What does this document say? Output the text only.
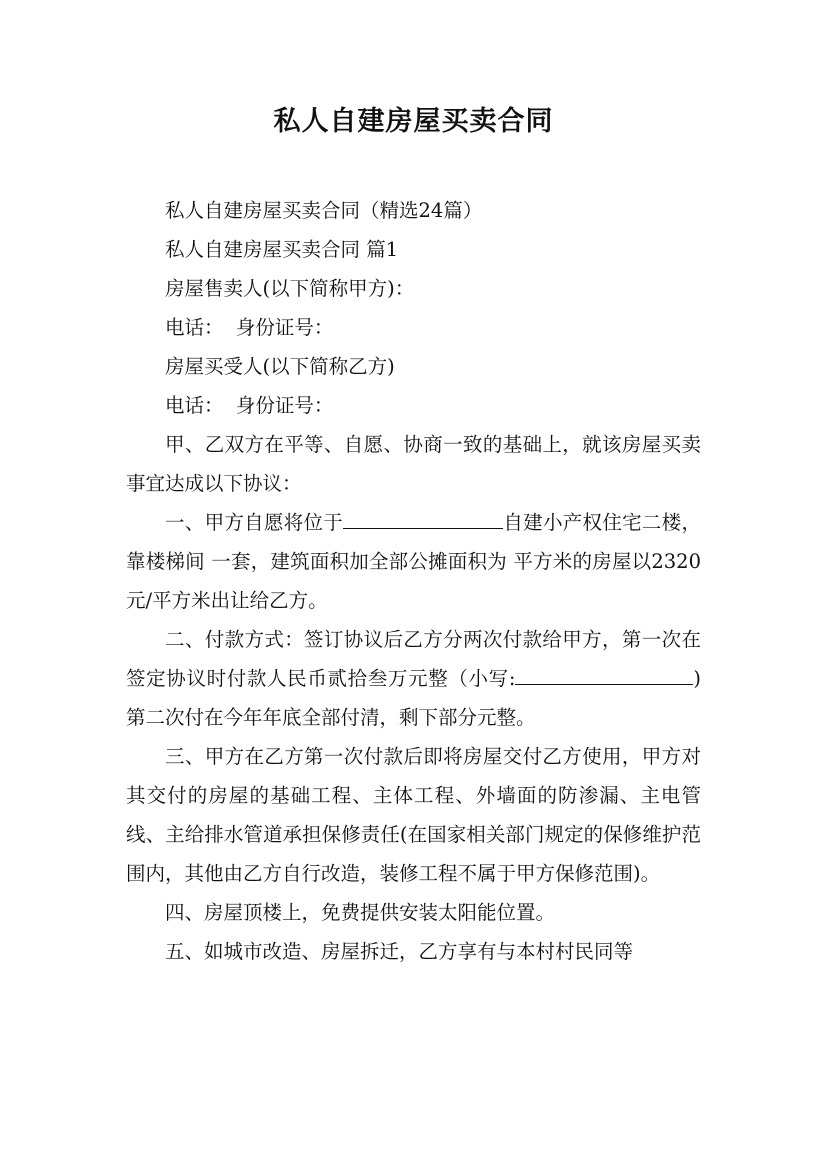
私人自建房屋买卖合同

私人自建房屋买卖合同（精选24篇）

私人自建房屋买卖合同 篇1

房屋售卖人(以下简称甲方)：

电话：  身份证号：

房屋买受人(以下简称乙方)

电话：  身份证号：

甲、乙双方在平等、自愿、协商一致的基础上，就该房屋买卖事宜达成以下协议：

一、甲方自愿将位于	自建小产权住宅二楼，靠楼梯间 一套，建筑面积加全部公摊面积为 平方米的房屋以2320元/平方米出让给乙方。

二、付款方式：签订协议后乙方分两次付款给甲方，第一次在签定协议时付款人民币贰拾叁万元整（小写:	)第二次付在今年年底全部付清，剩下部分元整。

三、甲方在乙方第一次付款后即将房屋交付乙方使用，甲方对其交付的房屋的基础工程、主体工程、外墙面的防渗漏、主电管线、主给排水管道承担保修责任(在国家相关部门规定的保修维护范围内，其他由乙方自行改造，装修工程不属于甲方保修范围)。

四、房屋顶楼上，免费提供安装太阳能位置。

五、如城市改造、房屋拆迁，乙方享有与本村村民同等
